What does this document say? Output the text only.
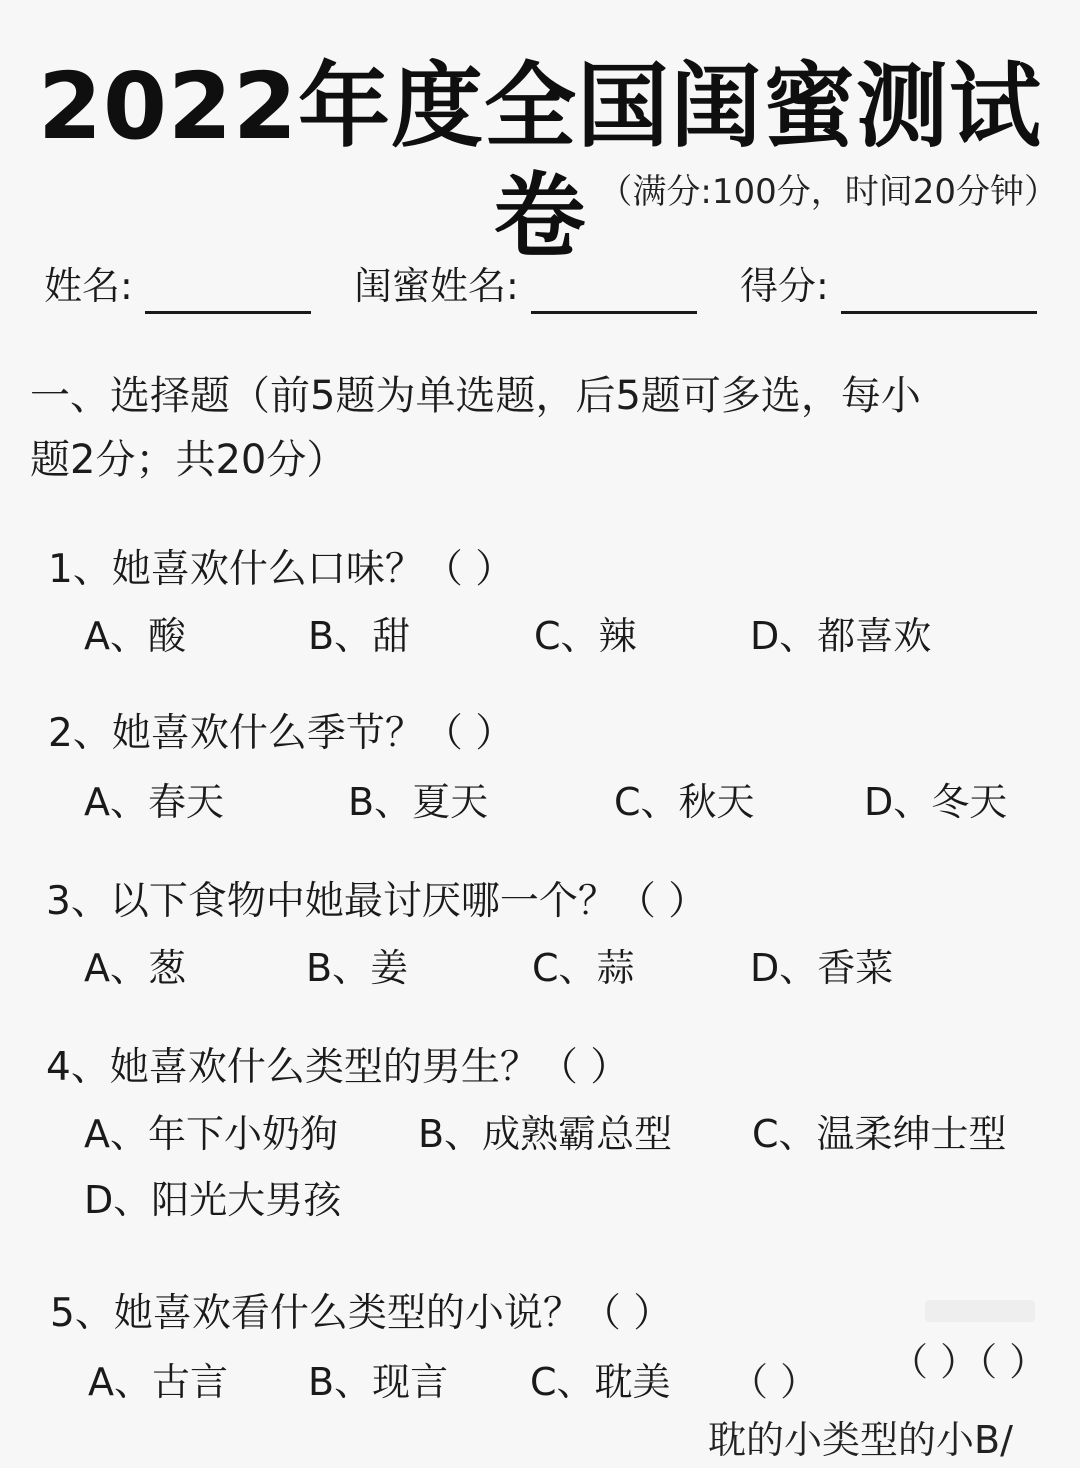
2022年度全国闺蜜测试卷 （满分:100分，时间20分钟）
姓名:	闺蜜姓名:	得分:
一、选择题（前5题为单选题，后5题可多选，每小
题2分；共20分）
1、她喜欢什么口味？（ ）
A、酸	B、甜	C、辣	D、都喜欢
2、她喜欢什么季节？（ ）
A、春天	B、夏天	C、秋天	D、冬天
3、以下食物中她最讨厌哪一个？（ ）
A、葱	B、姜	C、蒜	D、香菜
4、她喜欢什么类型的男生？（ ）
A、年下小奶狗 B、成熟霸总型 C、温柔绅士型
D、阳光大男孩
5、她喜欢看什么类型的小说？（ ）
A、古言 B、现言 C、耽美 （ ） （ ）（ ）
耽的小类型的小B/
